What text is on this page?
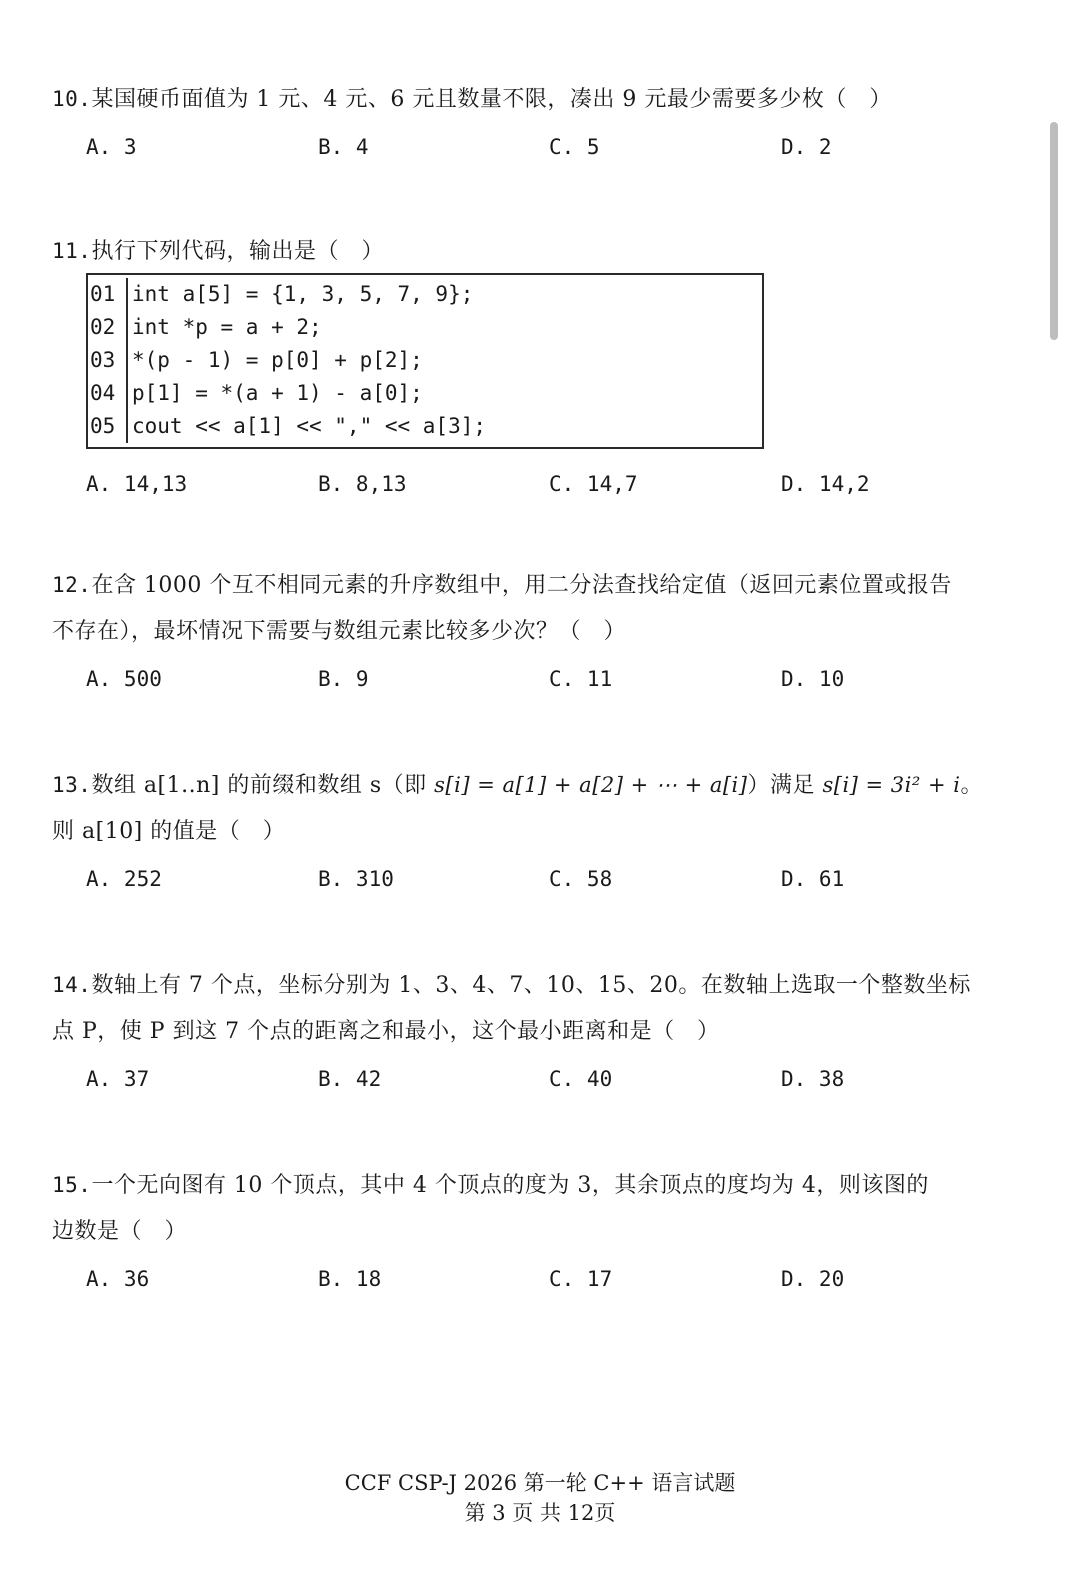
10.某国硬币面值为 1 元、4 元、6 元且数量不限，凑出 9 元最少需要多少枚（　）
A. 3	B. 4	C. 5	D. 2
11.执行下列代码，输出是（　）
01 int a[5] = {1, 3, 5, 7, 9};
02 int *p = a + 2;
03 *(p - 1) = p[0] + p[2];
04 p[1] = *(a + 1) - a[0];
05 cout << a[1] << "," << a[3];
A. 14,13	B. 8,13	C. 14,7	D. 14,2
12.在含 1000 个互不相同元素的升序数组中，用二分法查找给定值（返回元素位置或报告
不存在），最坏情况下需要与数组元素比较多少次？（　）
A. 500	B. 9	C. 11	D. 10
13.数组 a[1..n] 的前缀和数组 s（即 s[i] = a[1] + a[2] + ⋯ + a[i]）满足 s[i] = 3i² + i。
则 a[10] 的值是（　）
A. 252	B. 310	C. 58	D. 61
14.数轴上有 7 个点，坐标分别为 1、3、4、7、10、15、20。在数轴上选取一个整数坐标
点 P，使 P 到这 7 个点的距离之和最小，这个最小距离和是（　）
A. 37	B. 42	C. 40	D. 38
15.一个无向图有 10 个顶点，其中 4 个顶点的度为 3，其余顶点的度均为 4，则该图的
边数是（　）
A. 36	B. 18	C. 17	D. 20
CCF CSP-J 2026 第一轮 C++ 语言试题
第 3 页 共 12页
